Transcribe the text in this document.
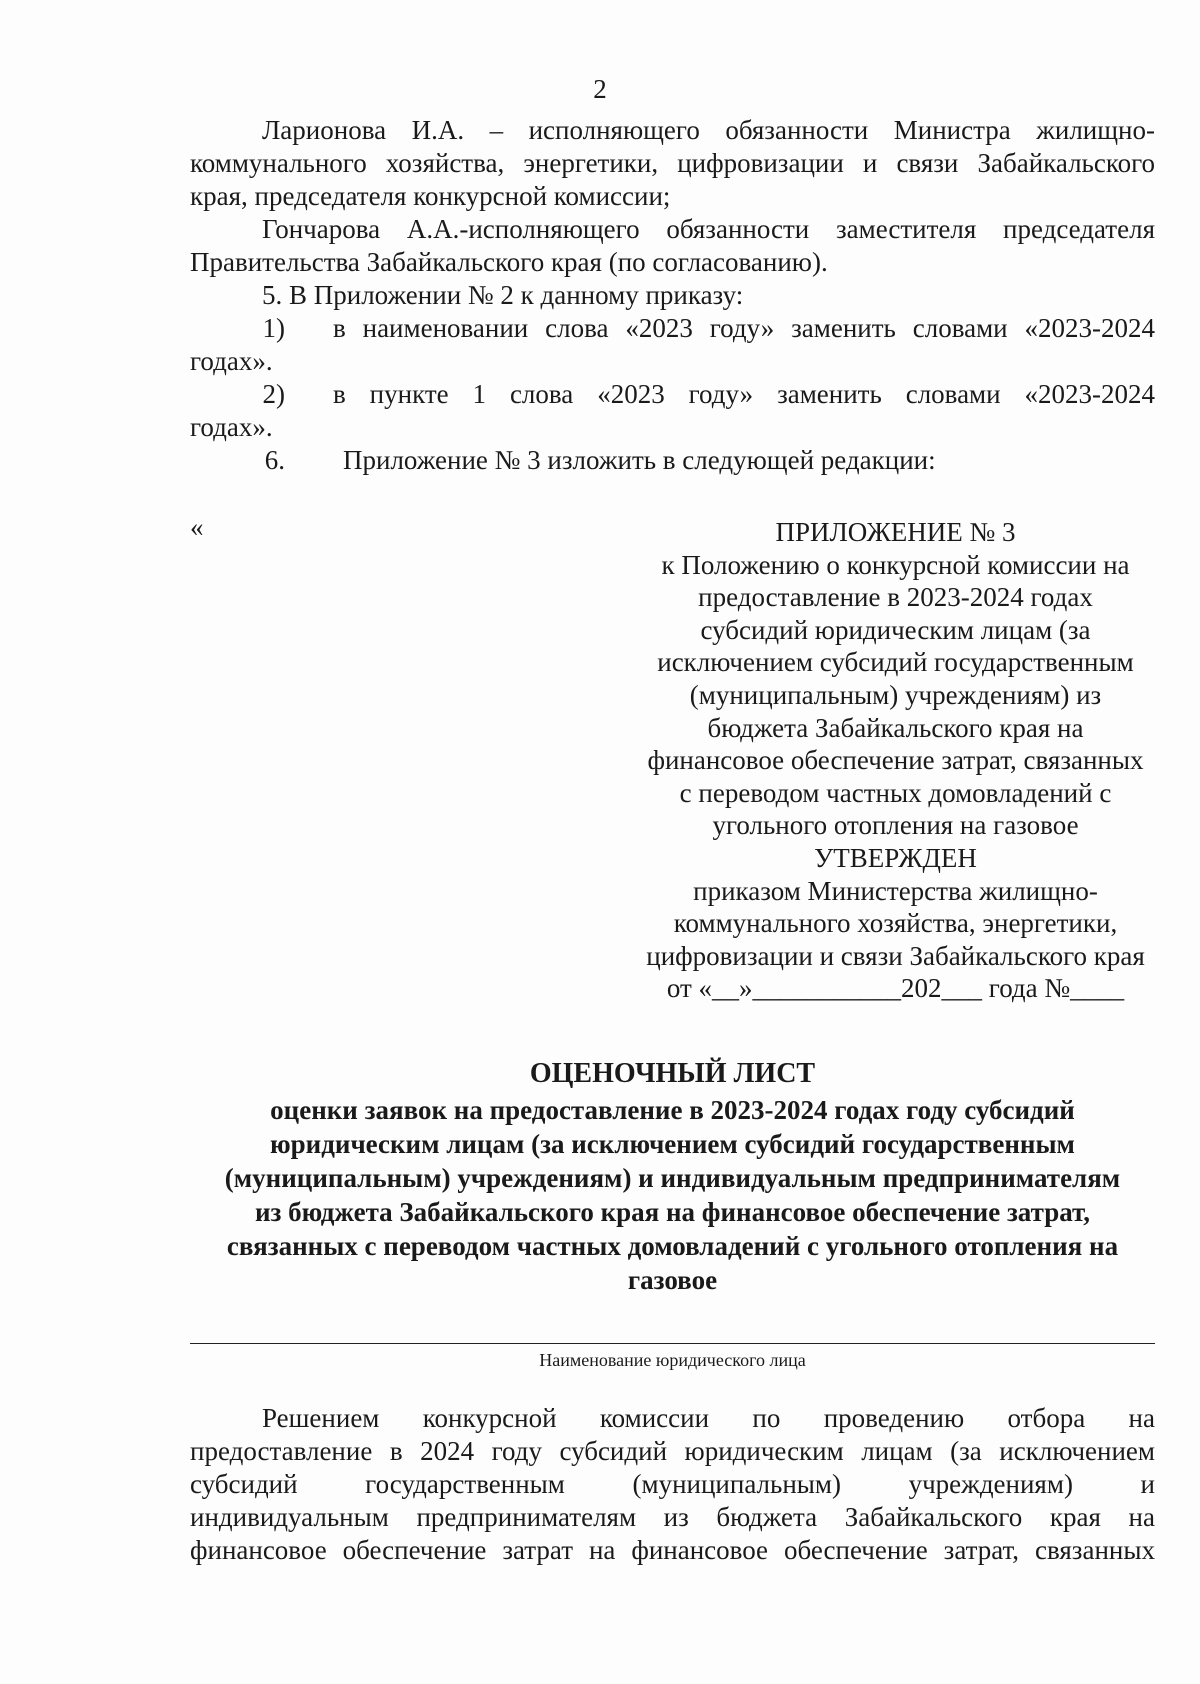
2
Ларионова И.А. – исполняющего обязанности Министра жилищно-
коммунального хозяйства, энергетики, цифровизации и связи Забайкальского
края, председателя конкурсной комиссии;
Гончарова А.А.-исполняющего обязанности заместителя председателя
Правительства Забайкальского края (по согласованию).
5. В Приложении № 2 к данному приказу:
1) в наименовании слова «2023 году» заменить словами «2023-2024
годах».
2) в пункте 1 слова «2023 году» заменить словами «2023-2024
годах».
6. Приложение № 3 изложить в следующей редакции:
«	ПРИЛОЖЕНИЕ № 3
к Положению о конкурсной комиссии на
предоставление в 2023-2024 годах
субсидий юридическим лицам (за
исключением субсидий государственным
(муниципальным) учреждениям) из
бюджета Забайкальского края на
финансовое обеспечение затрат, связанных
с переводом частных домовладений с
угольного отопления на газовое
УТВЕРЖДЕН
приказом Министерства жилищно-
коммунального хозяйства, энергетики,
цифровизации и связи Забайкальского края
от «__»___________202___ года №____
ОЦЕНОЧНЫЙ ЛИСТ
оценки заявок на предоставление в 2023-2024 годах году субсидий
юридическим лицам (за исключением субсидий государственным
(муниципальным) учреждениям) и индивидуальным предпринимателям
из бюджета Забайкальского края на финансовое обеспечение затрат,
связанных с переводом частных домовладений с угольного отопления на
газовое
Наименование юридического лица
Решением конкурсной комиссии по проведению отбора на
предоставление в 2024 году субсидий юридическим лицам (за исключением
субсидий государственным (муниципальным) учреждениям) и
индивидуальным предпринимателям из бюджета Забайкальского края на
финансовое обеспечение затрат на финансовое обеспечение затрат, связанных
